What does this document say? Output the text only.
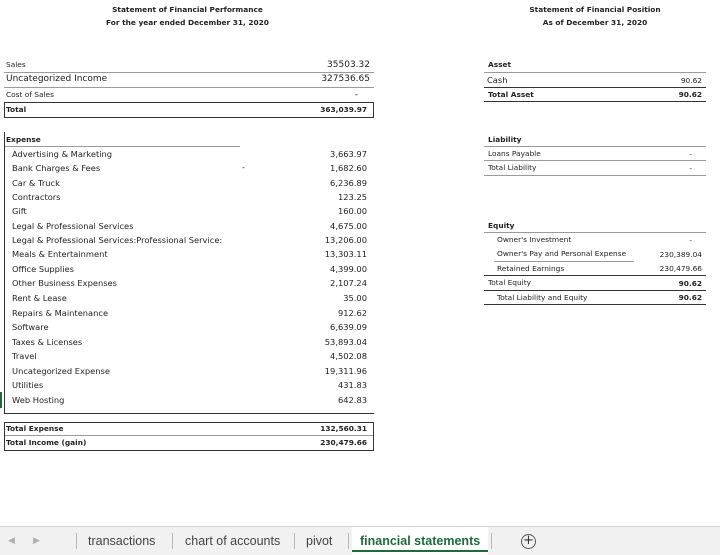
Statement of Financial Performance
For the year ended December 31, 2020
Sales	35503.32
Uncategorized Income	327536.65
Cost of Sales	-
Total	363,039.97
Expense
Advertising & Marketing	3,663.97
Bank Charges & Fees	-	1,682.60
Car & Truck	6,236.89
Contractors	123.25
Gift	160.00
Legal & Professional Services	4,675.00
Legal & Professional Services:Professional Service:	13,206.00
Meals & Entertainment	13,303.11
Office Supplies	4,399.00
Other Business Expenses	2,107.24
Rent & Lease	35.00
Repairs & Maintenance	912.62
Software	6,639.09
Taxes & Licenses	53,893.04
Travel	4,502.08
Uncategorized Expense	19,311.96
Utilities	431.83
Web Hosting	642.83
Total Expense	132,560.31
Total Income (gain)	230,479.66
Statement of Financial Position
As of December 31, 2020
Asset
Cash	90.62
Total Asset	90.62
Liability
Loans Payable	-
Total Liability	-
Equity
Owner's Investment	-
Owner's Pay and Personal Expense	230,389.04
Retained Earnings	230,479.66
Total Equity	90.62
Total Liability and Equity	90.62
◀ ▶	transactions chart of accounts pivot	financial statements	+
